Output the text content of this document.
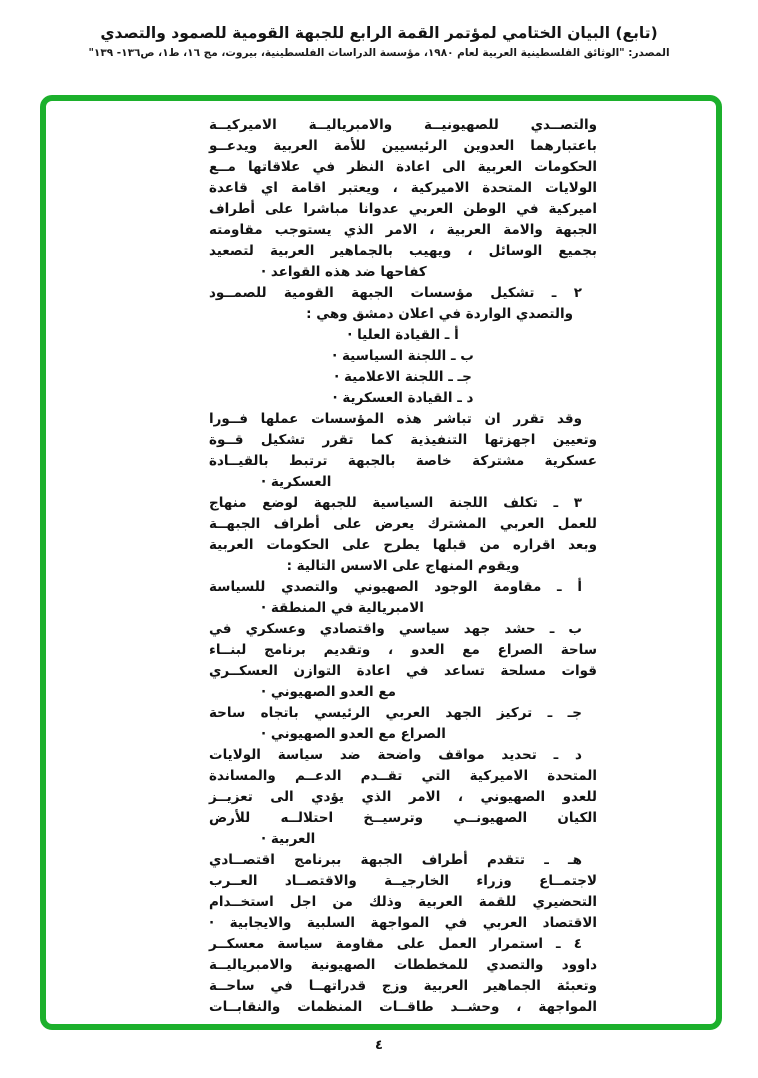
(تابع) البيان الختامي لمؤتمر القمة الرابع للجبهة القومية للصمود والتصدي
المصدر: "الوثائق الفلسطينية العربية لعام ١٩٨٠، مؤسسة الدراسات الفلسطينية، بيروت، مج ١٦، ط١، ص١٣٦- ١٣٩"
والتصــدي للصهيونيــة والامبرياليــة الاميركيــة
باعتبارهما العدوين الرئيسيين للأمة العربية ويدعــو
الحكومات العربية الى اعادة النظر في علاقاتها مــع
الولايات المتحدة الاميركية ، ويعتبر اقامة اي قاعدة
اميركية في الوطن العربي عدوانا مباشرا على أطراف
الجبهة والامة العربية ، الامر الذي يستوجب مقاومته
بجميع الوسائل ، ويهيب بالجماهير العربية لتصعيد
كفاحها ضد هذه القواعد ·
٢ ـ تشكيل مؤسسات الجبهة القومية للصمــود
والتصدي الواردة في اعلان دمشق وهي :
أ ـ القيادة العليا ·
ب ـ اللجنة السياسية ·
جـ ـ اللجنة الاعلامية ·
د ـ القيادة العسكرية ·
وقد تقرر ان تباشر هذه المؤسسات عملها فــورا
وتعيين اجهزتها التنفيذية كما تقرر تشكيل قــوة
عسكرية مشتركة خاصة بالجبهة ترتبط بالقيــادة
العسكرية ·
٣ ـ تكلف اللجنة السياسية للجبهة لوضع منهاج
للعمل العربي المشترك يعرض على أطراف الجبهــة
وبعد اقراره من قبلها يطرح على الحكومات العربية
ويقوم المنهاج على الاسس التالية :
أ ـ مقاومة الوجود الصهيوني والتصدي للسياسة
الامبريالية في المنطقة ·
ب ـ حشد جهد سياسي واقتصادي وعسكري في
ساحة الصراع مع العدو ، وتقديم برنامج لبنــاء
قوات مسلحة تساعد في اعادة التوازن العسكــري
مع العدو الصهيوني ·
جـ ـ تركيز الجهد العربي الرئيسي باتجاه ساحة
الصراع مع العدو الصهيوني ·
د ـ تحديد مواقف واضحة ضد سياسة الولايات
المتحدة الاميركية التي تقــدم الدعــم والمساندة
للعدو الصهيوني ، الامر الذي يؤدي الى تعزيــز
الكيان الصهيونــي وترسيــخ احتلالــه للأرض
العربية ·
هـ ـ تتقدم أطراف الجبهة ببرنامج اقتصــادي
لاجتمــاع وزراء الخارجيــة والاقتصــاد العــرب
التحضيري للقمة العربية وذلك من اجل استخــدام
الاقتصاد العربي في المواجهة السلبية والايجابية ·
٤ ـ استمرار العمل على مقاومة سياسة معسكــر
داوود والتصدي للمخططات الصهيونية والامبرياليــة
وتعبئة الجماهير العربية وزج قدراتهــا في ساحــة
المواجهة ، وحشــد طاقــات المنظمات والنقابــات
٤
